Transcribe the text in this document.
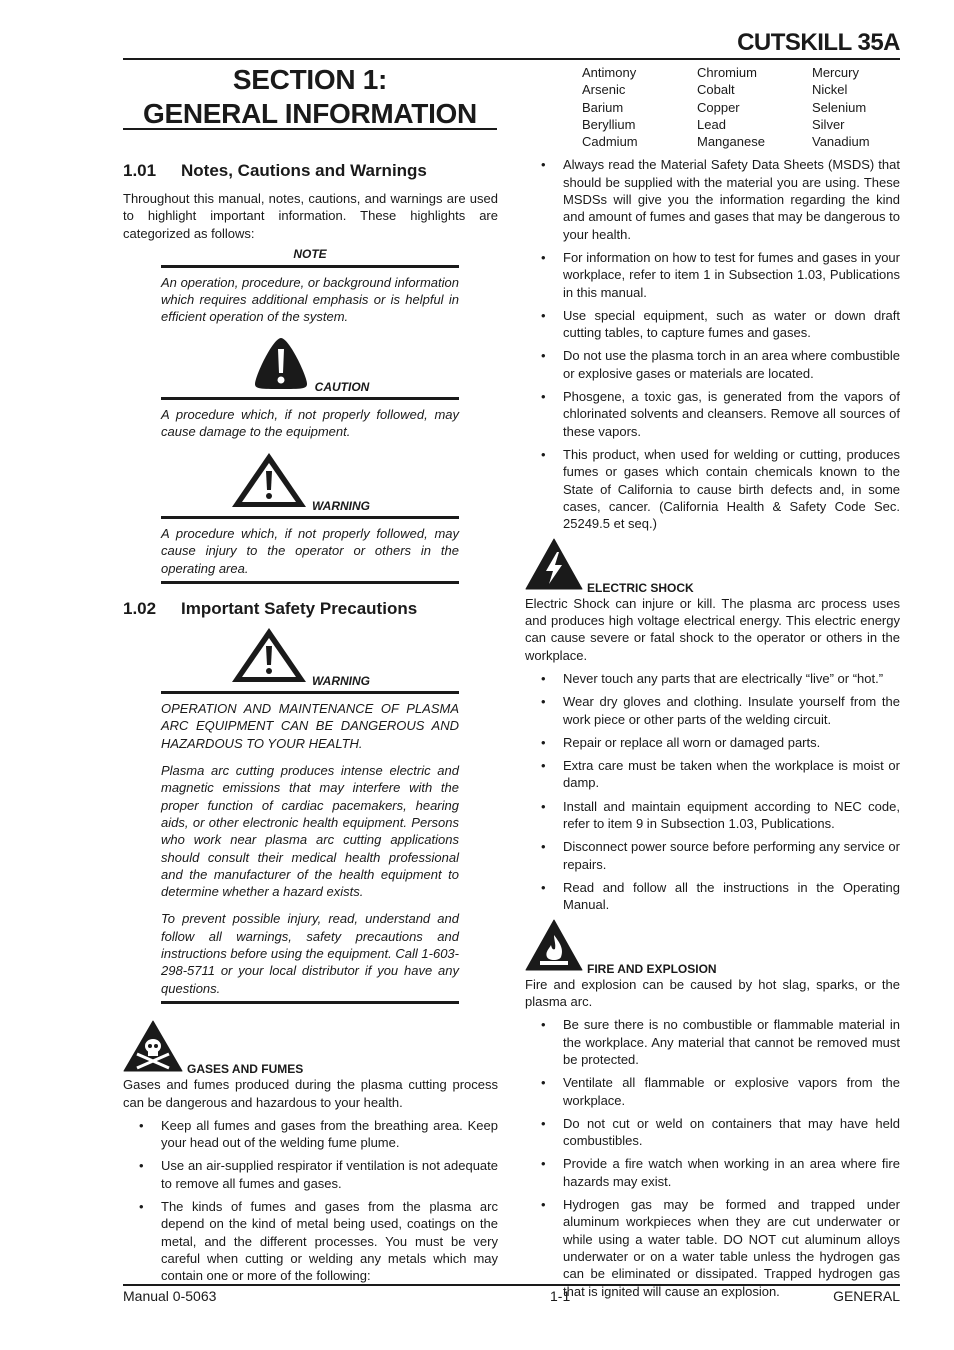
CUTSKILL 35A
SECTION 1:
GENERAL INFORMATION
1.01 Notes, Cautions and Warnings

Throughout this manual, notes, cautions, and warnings are used to highlight important information. These highlights are categorized as follows:

NOTE
An operation, procedure, or background information which requires additional emphasis or is helpful in efficient operation of the system.
CAUTION
A procedure which, if not properly followed, may cause damage to the equipment.
WARNING
A procedure which, if not properly followed, may cause injury to the operator or others in the operating area.
1.02 Important Safety Precautions
WARNING
OPERATION AND MAINTENANCE OF PLASMA ARC EQUIPMENT CAN BE DANGEROUS AND HAZARDOUS TO YOUR HEALTH.
Plasma arc cutting produces intense electric and magnetic emissions that may interfere with the proper function of cardiac pacemakers, hearing aids, or other electronic health equipment. Persons who work near plasma arc cutting applications should consult their medical health professional and the manufacturer of the health equipment to determine whether a hazard exists.
To prevent possible injury, read, understand and follow all warnings, safety precautions and instructions before using the equipment. Call 1-603-298-5711 or your local distributor if you have any questions.
GASES AND FUMES

Gases and fumes produced during the plasma cutting process can be dangerous and hazardous to your health.

• Keep all fumes and gases from the breathing area. Keep your head out of the welding fume plume.
• Use an air-supplied respirator if ventilation is not adequate to remove all fumes and gases.
• The kinds of fumes and gases from the plasma arc depend on the kind of metal being used, coatings on the metal, and the different processes. You must be very careful when cutting or welding any metals which may contain one or more of the following:
Antimony	Chromium	Mercury
Arsenic	Cobalt	Nickel
Barium	Copper	Selenium
Beryllium	Lead	Silver
Cadmium	Manganese	Vanadium
• Always read the Material Safety Data Sheets (MSDS) that should be supplied with the material you are using. These MSDSs will give you the information regarding the kind and amount of fumes and gases that may be dangerous to your health.
• For information on how to test for fumes and gases in your workplace, refer to item 1 in Subsection 1.03, Publications in this manual.
• Use special equipment, such as water or down draft cutting tables, to capture fumes and gases.
• Do not use the plasma torch in an area where combustible or explosive gases or materials are located.
• Phosgene, a toxic gas, is generated from the vapors of chlorinated solvents and cleansers. Remove all sources of these vapors.
• This product, when used for welding or cutting, produces fumes or gases which contain chemicals known to the State of California to cause birth defects and, in some cases, cancer. (California Health & Safety Code Sec. 25249.5 et seq.)
ELECTRIC SHOCK

Electric Shock can injure or kill. The plasma arc process uses and produces high voltage electrical energy. This electric energy can cause severe or fatal shock to the operator or others in the workplace.

• Never touch any parts that are electrically “live” or “hot.”
• Wear dry gloves and clothing. Insulate yourself from the work piece or other parts of the welding circuit.
• Repair or replace all worn or damaged parts.
• Extra care must be taken when the workplace is moist or damp.
• Install and maintain equipment according to NEC code, refer to item 9 in Subsection 1.03, Publications.
• Disconnect power source before performing any service or repairs.
• Read and follow all the instructions in the Operating Manual.
FIRE AND EXPLOSION

Fire and explosion can be caused by hot slag, sparks, or the plasma arc.

• Be sure there is no combustible or flammable material in the workplace. Any material that cannot be removed must be protected.
• Ventilate all flammable or explosive vapors from the workplace.
• Do not cut or weld on containers that may have held combustibles.
• Provide a fire watch when working in an area where fire hazards may exist.
• Hydrogen gas may be formed and trapped under aluminum workpieces when they are cut underwater or while using a water table. DO NOT cut aluminum alloys underwater or on a water table unless the hydrogen gas can be eliminated or dissipated. Trapped hydrogen gas that is ignited will cause an explosion.
Manual 0-5063	1-1	GENERAL
